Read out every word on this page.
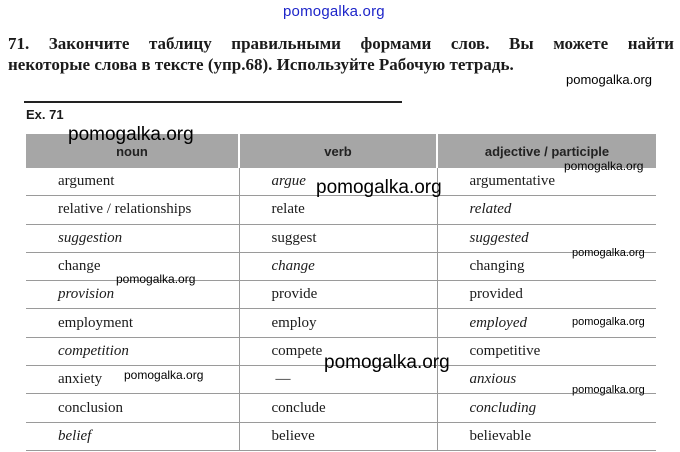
pomogalka.org
71. Закончите таблицу правильными формами слов. Вы можете найти
некоторые слова в тексте (упр.68). Используйте Рабочую тетрадь.
Ex. 71
noun	verb	adjective / participle
argument	argue	argumentative
relative / relationships	relate	related
suggestion	suggest	suggested
change	change	changing
provision	provide	provided
employment	employ	employed
competition	compete	competitive
anxiety	—	anxious
conclusion	conclude	concluding
belief	believe	believable
pomogalka.org
pomogalka.org
pomogalka.org
pomogalka.org
pomogalka.org
pomogalka.org
pomogalka.org
pomogalka.org
pomogalka.org
pomogalka.org
